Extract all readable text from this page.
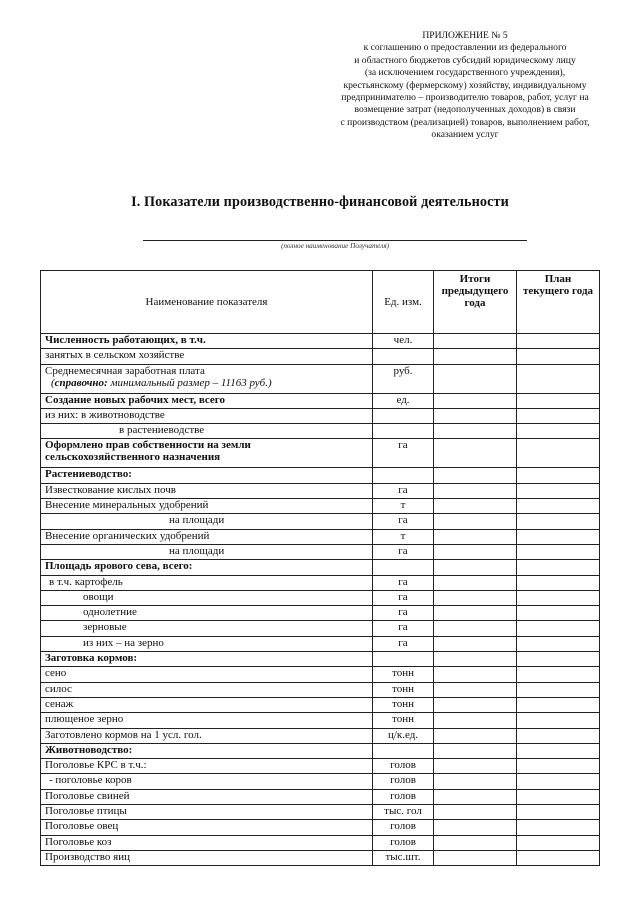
ПРИЛОЖЕНИЕ № 5
к соглашению о предоставлении из федерального
и областного бюджетов субсидий юридическому лицу
(за исключением государственного учреждения),
крестьянскому (фермерскому) хозяйству, индивидуальному
предпринимателю – производителю товаров, работ, услуг на
возмещение затрат (недополученных доходов) в связи
с производством (реализацией) товаров, выполнением работ,
оказанием услуг
I. Показатели производственно-финансовой деятельности
(полное наименование Получателя)
Наименование показателя	Ед. изм.	Итоги предыдущего года	План текущего года
Численность работающих, в т.ч.	чел.		
занятых в сельском хозяйстве			
Среднемесячная заработная плата
(справочно: минимальный размер – 11163 руб.)	руб.		
Создание новых рабочих мест, всего	ед.		
из них: в животноводстве			
в растениеводстве			
Оформлено прав собственности на земли сельскохозяйственного назначения	га		
Растениеводство:			
Известкование кислых почв	га		
Внесение минеральных удобрений	т		
на площади	га		
Внесение органических удобрений	т		
на площади	га		
Площадь ярового сева, всего:			
в т.ч. картофель	га		
овощи	га		
однолетние	га		
зерновые	га		
из них – на зерно	га		
Заготовка кормов:			
сено	тонн		
силос	тонн		
сенаж	тонн		
плющеное зерно	тонн		
Заготовлено кормов на 1 усл. гол.	ц/к.ед.		
Животноводство:			
Поголовье КРС в т.ч.:	голов		
- поголовье коров	голов		
Поголовье свиней	голов		
Поголовье птицы	тыс. гол		
Поголовье овец	голов		
Поголовье коз	голов		
Производство яиц	тыс.шт.		
